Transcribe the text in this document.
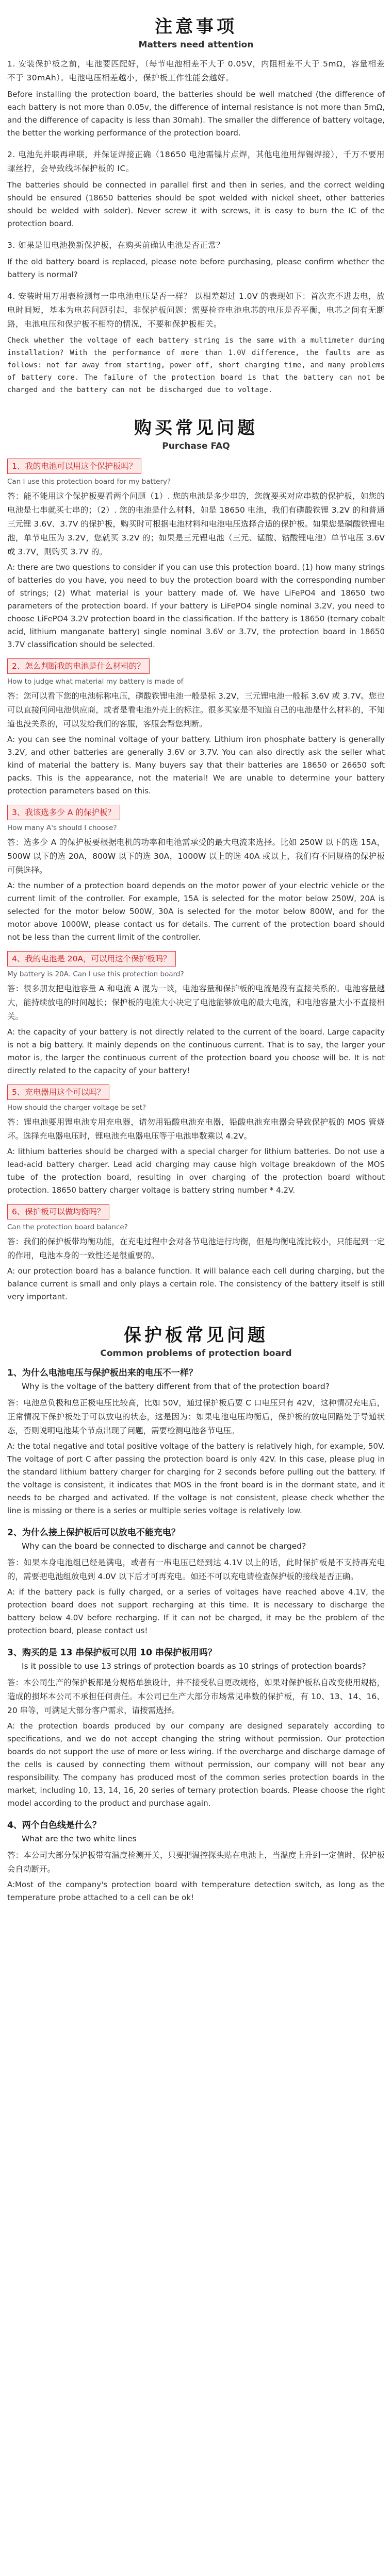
注意事项
Matters need attention
1. 安装保护板之前，电池要匹配好，（每节电池相差不大于 0.05V，内阻相差不大于 5mΩ，容量相差不于 30mAh）。电池电压相差越小，保护板工作性能会越好。
Before installing the protection board, the batteries should be well matched (the difference of each battery is not more than 0.05v, the difference of internal resistance is not more than 5mΩ, and the difference of capacity is less than 30mah). The smaller the difference of battery voltage, the better the working performance of the protection board.
2. 电池先并联再串联，并保证焊接正确（18650 电池需镍片点焊，其他电池用焊锡焊接），千万不要用螺丝拧，会导致线坏保护板的 IC。
The batteries should be connected in parallel first and then in series, and the correct welding should be ensured (18650 batteries should be spot welded with nickel sheet, other batteries should be welded with solder). Never screw it with screws, it is easy to burn the IC of the protection board.
3. 如果是旧电池换新保护板，在购买前确认电池是否正常？
If the old battery board is replaced, please note before purchasing, please confirm whether the battery is normal?
4. 安装时用万用表检测每一串电池电压是否一样？ 以相差超过 1.0V 的表现如下：首次充不进去电，放电时间短，基本为电芯问题引起，非保护板问题：需要检查电池电芯的电压是否平衡，电芯之间有无断路，电池电压和保护板不相符的情况，不要和保护板相关。
Check whether the voltage of each battery string is the same with a multimeter during installation? With the performance of more than 1.0V difference, the faults are as follows: not far away from starting, power off, short charging time, and many problems of battery core. The failure of the protection board is that the battery can not be charged and the battery can not be discharged due to voltage.
购买常见问题
Purchase FAQ
1、我的电池可以用这个保护板吗？
Can I use this protection board for my battery?
答：能不能用这个保护板要看两个问题（1）. 您的电池是多少串的，您就要买对应串数的保护板，如您的电池是七串就买七串的；（2）. 您的电池是什么材料，如是 18650 电池，我们有磷酸铁锂 3.2V 的和普通三元锂 3.6V、3.7V 的保护板，购买时可根据电池材料和电池电压选择合适的保护板。如果您是磷酸铁锂电池，单节电压为 3.2V，您就买 3.2V 的；如果是三元锂电池（三元、锰酸、钴酸锂电池）单节电压 3.6V 或 3.7V，则购买 3.7V 的。
A: there are two questions to consider if you can use this protection board. (1) how many strings of batteries do you have, you need to buy the protection board with the corresponding number of strings; (2) What material is your battery made of. We have LiFePO4 and 18650 two parameters of the protection board. If your battery is LiFePO4 single nominal 3.2V, you need to choose LiFePO4 3.2V protection board in the classification. If the battery is 18650 (ternary cobalt acid, lithium manganate battery) single nominal 3.6V or 3.7V, the protection board in 18650 3.7V classification should be selected.
2、怎么判断我的电池是什么材料的？
How to judge what material my battery is made of
答：您可以看下您的电池标称电压，磷酸铁锂电池一般是标 3.2V，三元锂电池一般标 3.6V 或 3.7V。您也可以直接问问电池供应商，或者是看电池外壳上的标注。很多买家是不知道自己的电池是什么材料的，不知道也没关系的，可以发给我们的客服，客服会帮您判断。
A: you can see the nominal voltage of your battery. Lithium iron phosphate battery is generally 3.2V, and other batteries are generally 3.6V or 3.7V. You can also directly ask the seller what kind of material the battery is. Many buyers say that their batteries are 18650 or 26650 soft packs. This is the appearance, not the material! We are unable to determine your battery protection parameters based on this.
3、我该选多少 A 的保护板？
How many A's should I choose?
答：选多少 A 的保护板要根据电机的功率和电池需承受的最大电流来选择。比如 250W 以下的选 15A，500W 以下的选 20A，800W 以下的选 30A，1000W 以上的选 40A 或以上，我们有不同规格的保护板可供选择。
A: the number of a protection board depends on the motor power of your electric vehicle or the current limit of the controller. For example, 15A is selected for the motor below 250W, 20A is selected for the motor below 500W, 30A is selected for the motor below 800W, and for the motor above 1000W, please contact us for details. The current of the protection board should not be less than the current limit of the controller.
4、我的电池是 20A，可以用这个保护板吗？
My battery is 20A. Can I use this protection board?
答：很多朋友把电池容量 A 和电流 A 混为一谈，电池容量和保护板的电流是没有直接关系的。电池容量越大，能持续放电的时间越长；保护板的电流大小决定了电池能够放电的最大电流，和电池容量大小不直接相关。
A: the capacity of your battery is not directly related to the current of the board. Large capacity is not a big battery. It mainly depends on the continuous current. That is to say, the larger your motor is, the larger the continuous current of the protection board you choose will be. It is not directly related to the capacity of your battery!
5、充电器用这个可以吗？
How should the charger voltage be set?
答：锂电池要用锂电池专用充电器，请勿用铅酸电池充电器，铅酸电池充电器会导致保护板的 MOS 管烧坏。选择充电器电压时，锂电池充电器电压等于电池串数乘以 4.2V。
A: lithium batteries should be charged with a special charger for lithium batteries. Do not use a lead-acid battery charger. Lead acid charging may cause high voltage breakdown of the MOS tube of the protection board, resulting in over charging of the protection board without protection. 18650 battery charger voltage is battery string number * 4.2V.
6、保护板可以做均衡吗？
Can the protection board balance?
答：我们的保护板带均衡功能，在充电过程中会对各节电池进行均衡，但是均衡电流比较小，只能起到一定的作用，电池本身的一致性还是很重要的。
A: our protection board has a balance function. It will balance each cell during charging, but the balance current is small and only plays a certain role. The consistency of the battery itself is still very important.
保护板常见问题
Common problems of protection board
1、为什么电池电压与保护板出来的电压不一样？
Why is the voltage of the battery different from that of the protection board?
答：电池总负极和总正极电压比较高，比如 50V，通过保护板后要 C 口电压只有 42V，这种情况充电后，正常情况下保护板处于可以放电的状态，这是因为：如果电池电压均衡后，保护板的放电回路处于导通状态，否则说明电池某个节点出现了问题，需要检测电池各节电压。
A: the total negative and total positive voltage of the battery is relatively high, for example, 50V. The voltage of port C after passing the protection board is only 42V. In this case, please plug in the standard lithium battery charger for charging for 2 seconds before pulling out the battery. If the voltage is consistent, it indicates that MOS in the front board is in the dormant state, and it needs to be charged and activated. If the voltage is not consistent, please check whether the line is missing or there is a series or multiple series voltage is relatively low.
2、为什么接上保护板后可以放电不能充电？
Why can the board be connected to discharge and cannot be charged?
答：如果本身电池组已经是满电，或者有一串电压已经到达 4.1V 以上的话，此时保护板是不支持再充电的，需要把电池组放电到 4.0V 以下后才可再充电。如还不可以充电请检查保护板的接线是否正确。
A: if the battery pack is fully charged, or a series of voltages have reached above 4.1V, the protection board does not support recharging at this time. It is necessary to discharge the battery below 4.0V before recharging. If it can not be charged, it may be the problem of the protection board, please contact us!
3、购买的是 13 串保护板可以用 10 串保护板用吗？
Is it possible to use 13 strings of protection boards as 10 strings of protection boards?
答：本公司生产的保护板都是分规格单独设计，并不接受私自更改规格，如果对保护板私自改变使用规格，造成的损坏本公司不承担任何责任。本公司已生产大部分市场常见串数的保护板，有 10、13、14、16、20 串等，可满足大部分客户需求，请按需选择。
A: the protection boards produced by our company are designed separately according to specifications, and we do not accept changing the string without permission. Our protection boards do not support the use of more or less wiring. If the overcharge and discharge damage of the cells is caused by connecting them without permission, our company will not bear any responsibility. The company has produced most of the common series protection boards in the market, including 10, 13, 14, 16, 20 series of ternary protection boards. Please choose the right model according to the product and purchase again.
4、两个白色线是什么？
What are the two white lines
答：本公司大部分保护板带有温度检测开关，只要把温控探头贴在电池上，当温度上升到一定值时，保护板会自动断开。
A:Most of the company's protection board with temperature detection switch, as long as the temperature probe attached to a cell can be ok!
